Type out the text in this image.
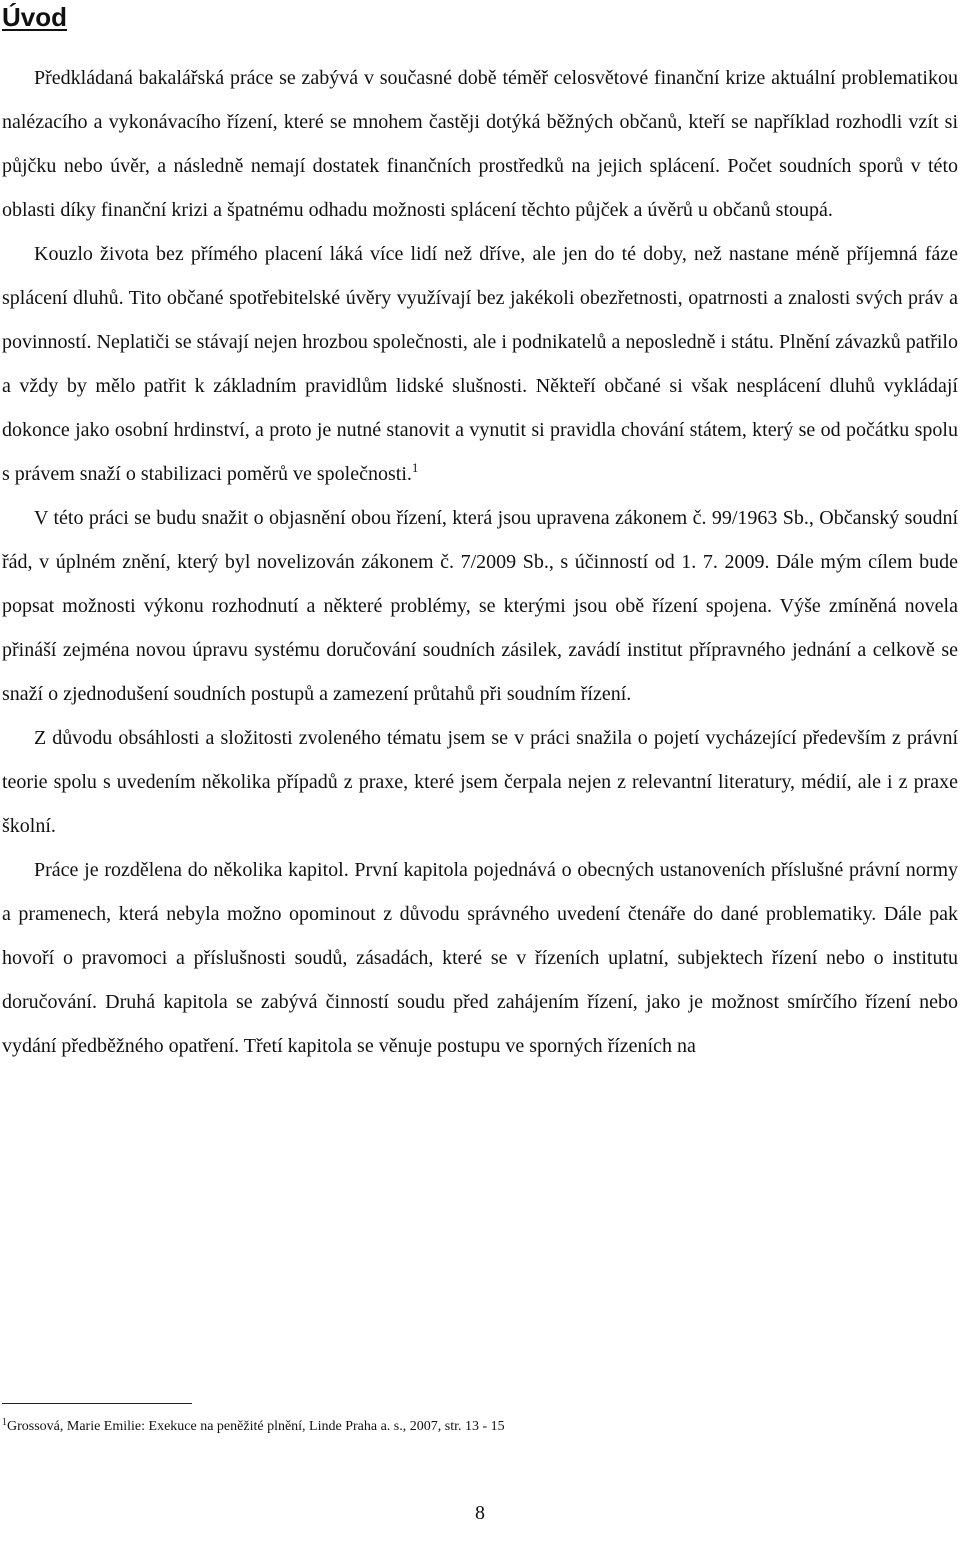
Úvod

Předkládaná bakalářská práce se zabývá v současné době téměř celosvětové finanční krize aktuální problematikou nalézacího a vykonávacího řízení, které se mnohem častěji dotýká běžných občanů, kteří se například rozhodli vzít si půjčku nebo úvěr, a následně nemají dostatek finančních prostředků na jejich splácení. Počet soudních sporů v této oblasti díky finanční krizi a špatnému odhadu možnosti splácení těchto půjček a úvěrů u občanů stoupá.

Kouzlo života bez přímého placení láká více lidí než dříve, ale jen do té doby, než nastane méně příjemná fáze splácení dluhů. Tito občané spotřebitelské úvěry využívají bez jakékoli obezřetnosti, opatrnosti a znalosti svých práv a povinností. Neplatiči se stávají nejen hrozbou společnosti, ale i podnikatelů a neposledně i státu. Plnění závazků patřilo a vždy by mělo patřit k základním pravidlům lidské slušnosti. Někteří občané si však nesplácení dluhů vykládají dokonce jako osobní hrdinství, a proto je nutné stanovit a vynutit si pravidla chování státem, který se od počátku spolu s právem snaží o stabilizaci poměrů ve společnosti.$^1$

V této práci se budu snažit o objasnění obou řízení, která jsou upravena zákonem č. 99/1963 Sb., Občanský soudní řád, v úplném znění, který byl novelizován zákonem č. 7/2009 Sb., s účinností od 1. 7. 2009. Dále mým cílem bude popsat možnosti výkonu rozhodnutí a některé problémy, se kterými jsou obě řízení spojena. Výše zmíněná novela přináší zejména novou úpravu systému doručování soudních zásilek, zavádí institut přípravného jednání a celkově se snaží o zjednodušení soudních postupů a zamezení průtahů při soudním řízení.

Z důvodu obsáhlosti a složitosti zvoleného tématu jsem se v práci snažila o pojetí vycházející především z právní teorie spolu s uvedením několika případů z praxe, které jsem čerpala nejen z relevantní literatury, médií, ale i z praxe školní.

Práce je rozdělena do několika kapitol. První kapitola pojednává o obecných ustanoveních příslušné právní normy a pramenech, která nebyla možno opominout z důvodu správného uvedení čtenáře do dané problematiky. Dále pak hovoří o pravomoci a příslušnosti soudů, zásadách, které se v řízeních uplatní, subjektech řízení nebo o institutu doručování. Druhá kapitola se zabývá činností soudu před zahájením řízení, jako je možnost smírčího řízení nebo vydání předběžného opatření. Třetí kapitola se věnuje postupu ve sporných řízeních na

$^1$Grossová, Marie Emilie: Exekuce na peněžité plnění, Linde Praha a. s., 2007, str. 13 - 15

8
